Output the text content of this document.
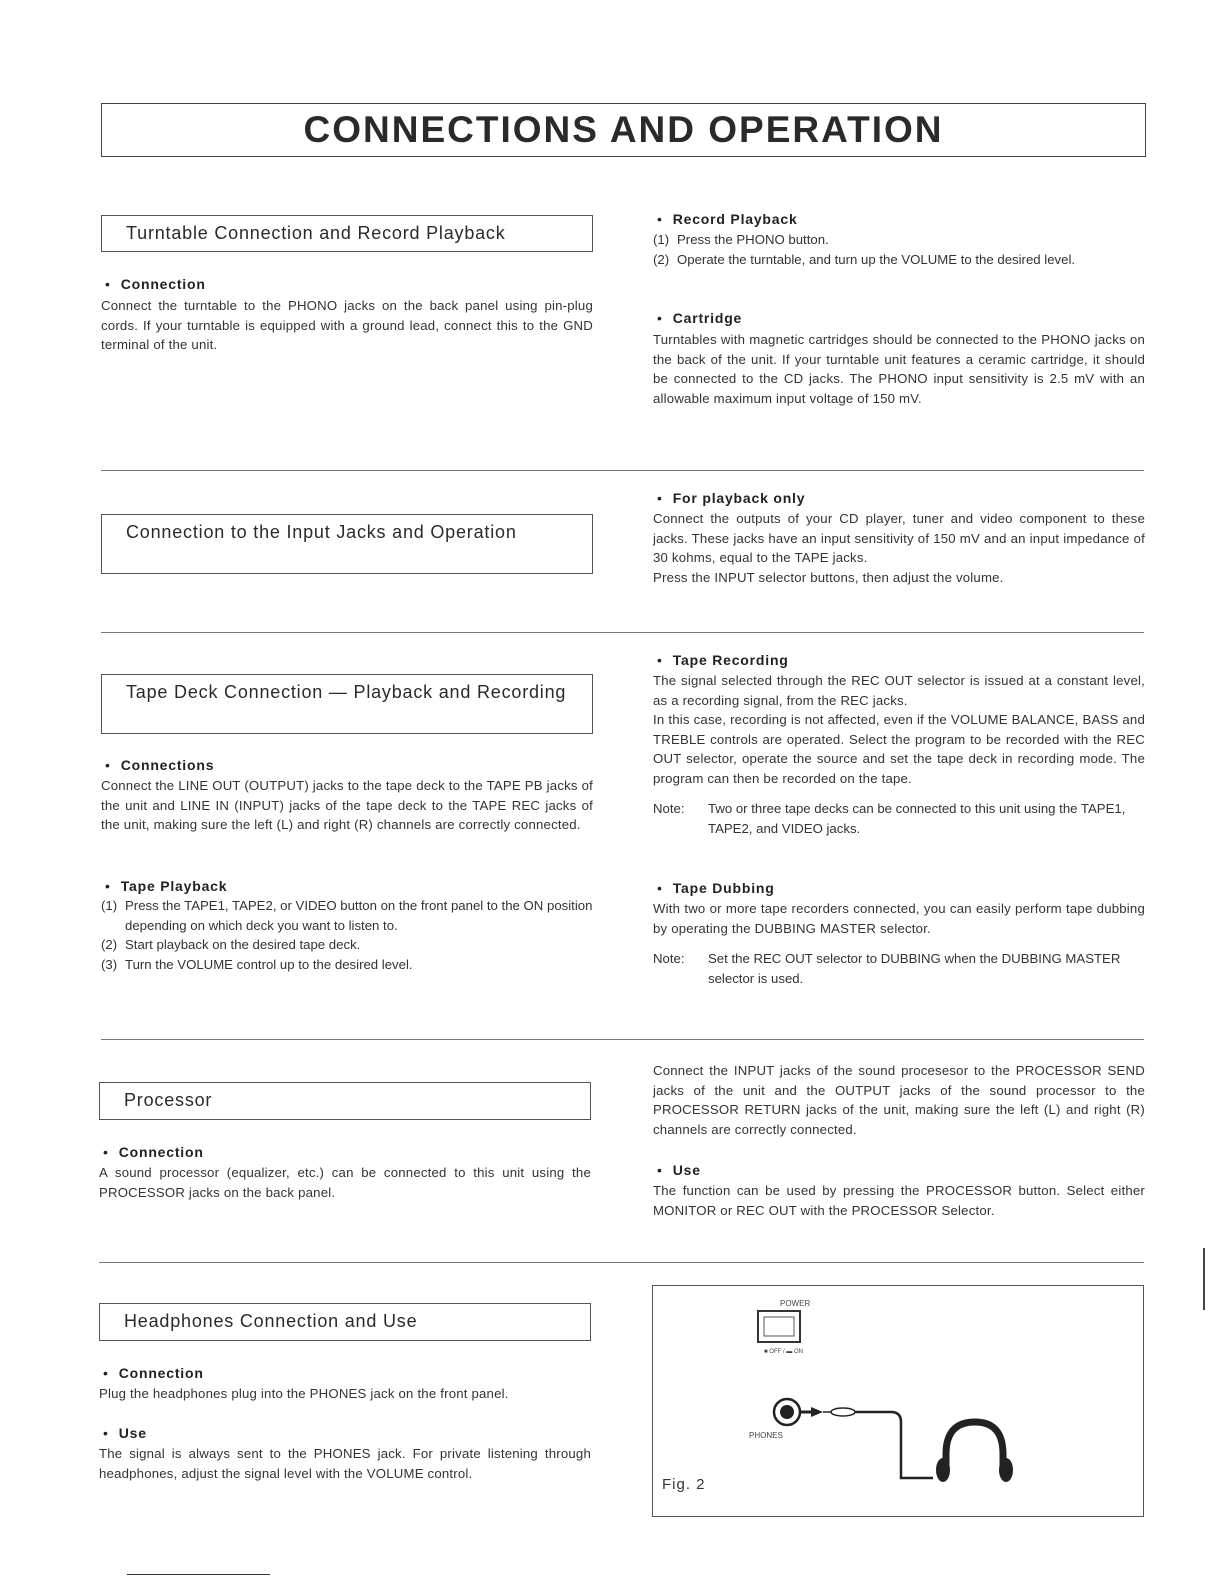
CONNECTIONS AND OPERATION
Turntable Connection and Record Playback
• Connection

Connect the turntable to the PHONO jacks on the back panel using pin-plug cords. If your turntable is equipped with a ground lead, connect this to the GND terminal of the unit.

• Record Playback
(1) Press the PHONO button.
(2) Operate the turntable, and turn up the VOLUME to the desired level.
• Cartridge

Turntables with magnetic cartridges should be connected to the PHONO jacks on the back of the unit. If your turntable unit features a ceramic cartridge, it should be connected to the CD jacks. The PHONO input sensitivity is 2.5 mV with an allowable maximum input voltage of 150 mV.

Connection to the Input Jacks and Operation
• For playback only

Connect the outputs of your CD player, tuner and video component to these jacks. These jacks have an input sensitivity of 150 mV and an input impedance of 30 kohms, equal to the TAPE jacks.

Press the INPUT selector buttons, then adjust the volume.

Tape Deck Connection — Playback and Recording
• Connections

Connect the LINE OUT (OUTPUT) jacks to the tape deck to the TAPE PB jacks of the unit and LINE IN (INPUT) jacks of the tape deck to the TAPE REC jacks of the unit, making sure the left (L) and right (R) channels are correctly connected.

• Tape Playback
(1) Press the TAPE1, TAPE2, or VIDEO button on the front panel to the ON position depending on which deck you want to listen to.
(2) Start playback on the desired tape deck.
(3) Turn the VOLUME control up to the desired level.
• Tape Recording

The signal selected through the REC OUT selector is issued at a constant level, as a recording signal, from the REC jacks.

In this case, recording is not affected, even if the VOLUME BALANCE, BASS and TREBLE controls are operated. Select the program to be recorded with the REC OUT selector, operate the source and set the tape deck in recording mode. The program can then be recorded on the tape.

Note:	Two or three tape decks can be connected to this unit using the TAPE1, TAPE2, and VIDEO jacks.
• Tape Dubbing

With two or more tape recorders connected, you can easily perform tape dubbing by operating the DUBBING MASTER selector.

Note:	Set the REC OUT selector to DUBBING when the DUBBING MASTER selector is used.
Processor
• Connection

A sound processor (equalizer, etc.) can be connected to this unit using the PROCESSOR jacks on the back panel.

Connect the INPUT jacks of the sound procesesor to the PROCESSOR SEND jacks of the unit and the OUTPUT jacks of the sound processor to the PROCESSOR RETURN jacks of the unit, making sure the left (L) and right (R) channels are correctly connected.

• Use

The function can be used by pressing the PROCESSOR button. Select either MONITOR or REC OUT with the PROCESSOR Selector.

Headphones Connection and Use
• Connection

Plug the headphones plug into the PHONES jack on the front panel.

• Use

The signal is always sent to the PHONES jack. For private listening through headphones, adjust the signal level with the VOLUME control.

POWER
■ OFF / ▬ ON
PHONES
Fig. 2
